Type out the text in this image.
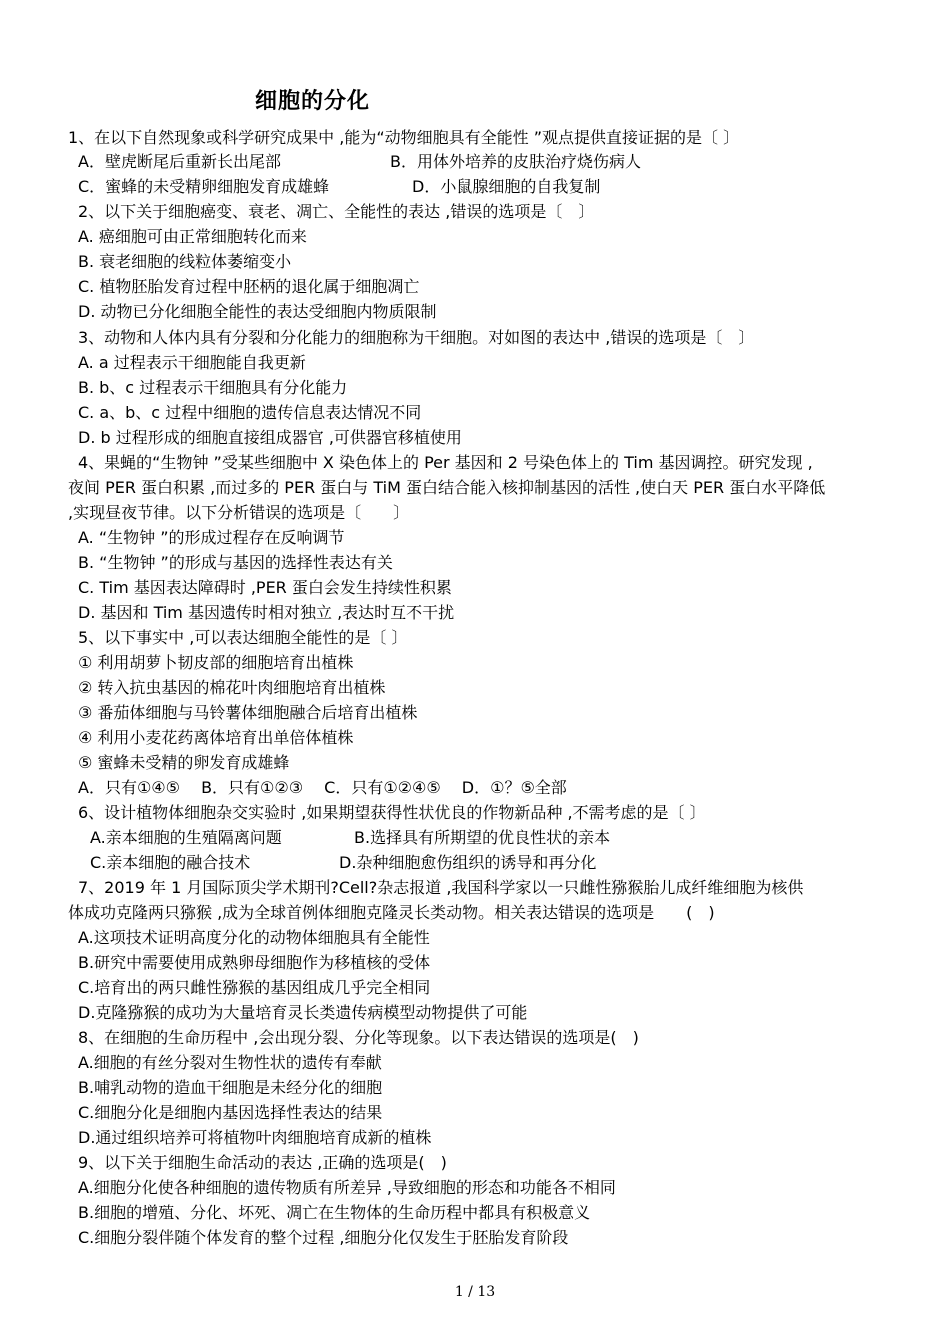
细胞的分化
1、在以下自然现象或科学研究成果中 ,能为“动物细胞具有全能性 ”观点提供直接证据的是〔 〕
A．壁虎断尾后重新长出尾部	B．用体外培养的皮肤治疗烧伤病人
C．蜜蜂的未受精卵细胞发育成雄蜂	D．小鼠腺细胞的自我复制
2、以下关于细胞癌变、衰老、凋亡、全能性的表达 ,错误的选项是〔　〕
A. 癌细胞可由正常细胞转化而来
B. 衰老细胞的线粒体萎缩变小
C. 植物胚胎发育过程中胚柄的退化属于细胞凋亡
D. 动物已分化细胞全能性的表达受细胞内物质限制
3、动物和人体内具有分裂和分化能力的细胞称为干细胞。对如图的表达中 ,错误的选项是〔　〕
A. a 过程表示干细胞能自我更新
B. b、c 过程表示干细胞具有分化能力
C. a、b、c 过程中细胞的遗传信息表达情况不同
D. b 过程形成的细胞直接组成器官 ,可供器官移植使用
4、果蝇的“生物钟 ”受某些细胞中 X 染色体上的 Per 基因和 2 号染色体上的 Tim 基因调控。研究发现 ,
夜间 PER 蛋白积累 ,而过多的 PER 蛋白与 TiM 蛋白结合能入核抑制基因的活性 ,使白天 PER 蛋白水平降低
,实现昼夜节律。以下分析错误的选项是〔　　〕
A. “生物钟 ”的形成过程存在反响调节
B. “生物钟 ”的形成与基因的选择性表达有关
C. Tim 基因表达障碍时 ,PER 蛋白会发生持续性积累
D. 基因和 Tim 基因遗传时相对独立 ,表达时互不干扰
5、以下事实中 ,可以表达细胞全能性的是〔 〕
① 利用胡萝卜韧皮部的细胞培育出植株
② 转入抗虫基因的棉花叶肉细胞培育出植株
③ 番茄体细胞与马铃薯体细胞融合后培育出植株
④ 利用小麦花药离体培育出单倍体植株
⑤ 蜜蜂未受精的卵发育成雄蜂
A．只有①④⑤　 B．只有①②③　 C．只有①②④⑤　 D．①？⑤全部
6、设计植物体细胞杂交实验时 ,如果期望获得性状优良的作物新品种 ,不需考虑的是〔 〕
A.亲本细胞的生殖隔离问题	B.选择具有所期望的优良性状的亲本
C.亲本细胞的融合技术	D.杂种细胞愈伤组织的诱导和再分化
7、2019 年 1 月国际顶尖学术期刊?Cell?杂志报道 ,我国科学家以一只雌性猕猴胎儿成纤维细胞为核供
体成功克隆两只猕猴 ,成为全球首例体细胞克隆灵长类动物。相关表达错误的选项是　　(　)
A.这项技术证明高度分化的动物体细胞具有全能性
B.研究中需要使用成熟卵母细胞作为移植核的受体
C.培育出的两只雌性猕猴的基因组成几乎完全相同
D.克隆猕猴的成功为大量培育灵长类遗传病模型动物提供了可能
8、在细胞的生命历程中 ,会出现分裂、分化等现象。以下表达错误的选项是(　)
A.细胞的有丝分裂对生物性状的遗传有奉献
B.哺乳动物的造血干细胞是未经分化的细胞
C.细胞分化是细胞内基因选择性表达的结果
D.通过组织培养可将植物叶肉细胞培育成新的植株
9、以下关于细胞生命活动的表达 ,正确的选项是(　)
A.细胞分化使各种细胞的遗传物质有所差异 ,导致细胞的形态和功能各不相同
B.细胞的增殖、分化、坏死、凋亡在生物体的生命历程中都具有积极意义
C.细胞分裂伴随个体发育的整个过程 ,细胞分化仅发生于胚胎发育阶段
1 / 13
